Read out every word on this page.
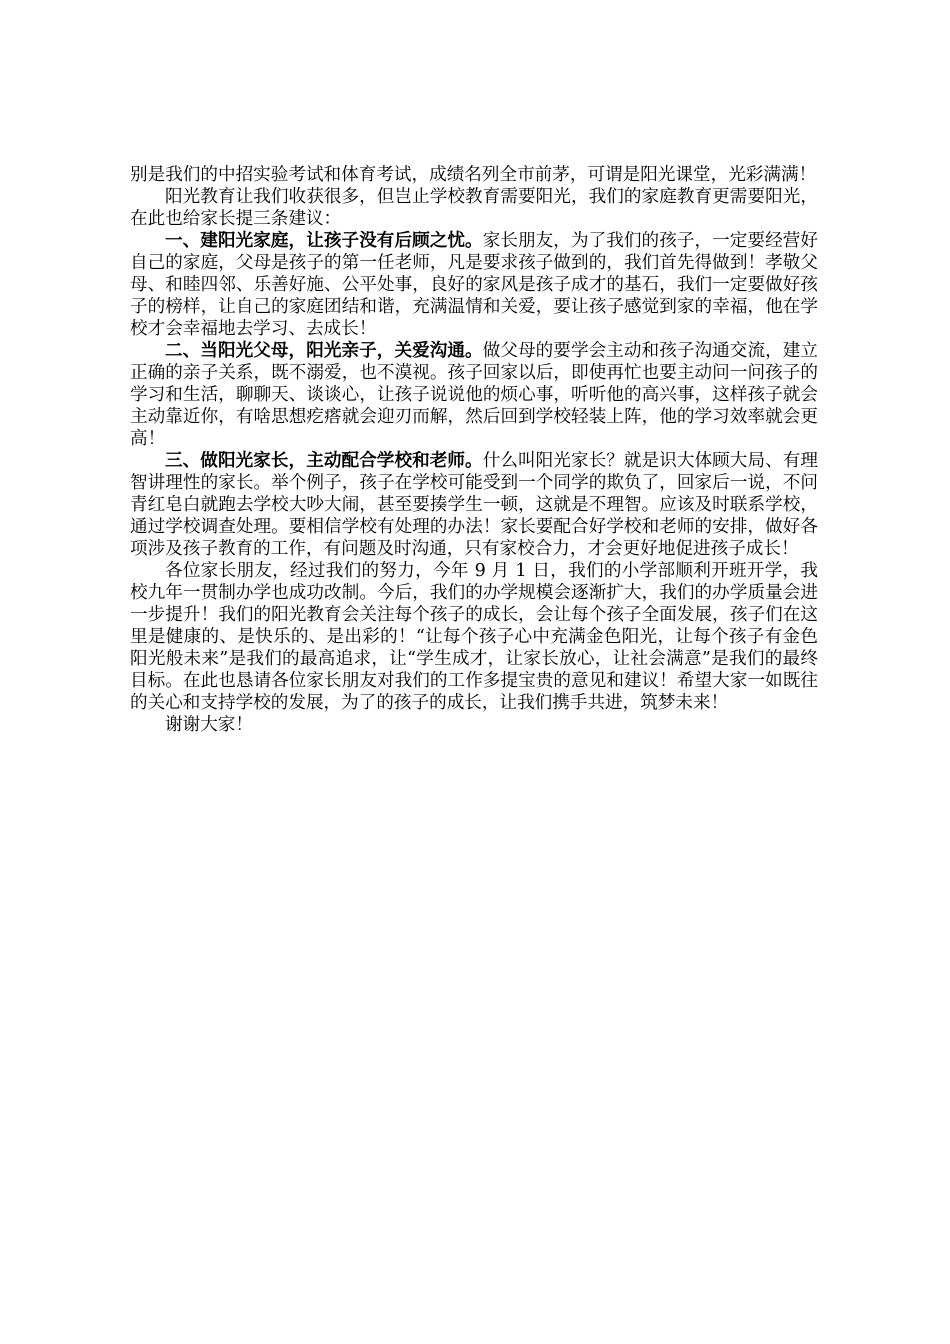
别是我们的中招实验考试和体育考试，成绩名列全市前茅，可谓是阳光课堂，光彩满满！

阳光教育让我们收获很多，但岂止学校教育需要阳光，我们的家庭教育更需要阳光，在此也给家长提三条建议：

一、建阳光家庭，让孩子没有后顾之忧。家长朋友，为了我们的孩子，一定要经营好自己的家庭，父母是孩子的第一任老师，凡是要求孩子做到的，我们首先得做到！孝敬父母、和睦四邻、乐善好施、公平处事，良好的家风是孩子成才的基石，我们一定要做好孩子的榜样，让自己的家庭团结和谐，充满温情和关爱，要让孩子感觉到家的幸福，他在学校才会幸福地去学习、去成长！

二、当阳光父母，阳光亲子，关爱沟通。做父母的要学会主动和孩子沟通交流，建立正确的亲子关系，既不溺爱，也不漠视。孩子回家以后，即使再忙也要主动问一问孩子的学习和生活，聊聊天、谈谈心，让孩子说说他的烦心事，听听他的高兴事，这样孩子就会主动靠近你，有啥思想疙瘩就会迎刃而解，然后回到学校轻装上阵，他的学习效率就会更高！

三、做阳光家长，主动配合学校和老师。什么叫阳光家长？就是识大体顾大局、有理智讲理性的家长。举个例子，孩子在学校可能受到一个同学的欺负了，回家后一说，不问青红皂白就跑去学校大吵大闹，甚至要揍学生一顿，这就是不理智。应该及时联系学校，通过学校调查处理。要相信学校有处理的办法！家长要配合好学校和老师的安排，做好各项涉及孩子教育的工作，有问题及时沟通，只有家校合力，才会更好地促进孩子成长！

各位家长朋友，经过我们的努力，今年 9 月 1 日，我们的小学部顺利开班开学，我校九年一贯制办学也成功改制。今后，我们的办学规模会逐渐扩大，我们的办学质量会进一步提升！我们的阳光教育会关注每个孩子的成长，会让每个孩子全面发展，孩子们在这里是健康的、是快乐的、是出彩的！“让每个孩子心中充满金色阳光，让每个孩子有金色阳光般未来”是我们的最高追求，让“学生成才，让家长放心，让社会满意”是我们的最终目标。在此也恳请各位家长朋友对我们的工作多提宝贵的意见和建议！希望大家一如既往的关心和支持学校的发展，为了的孩子的成长，让我们携手共进，筑梦未来！

谢谢大家！
